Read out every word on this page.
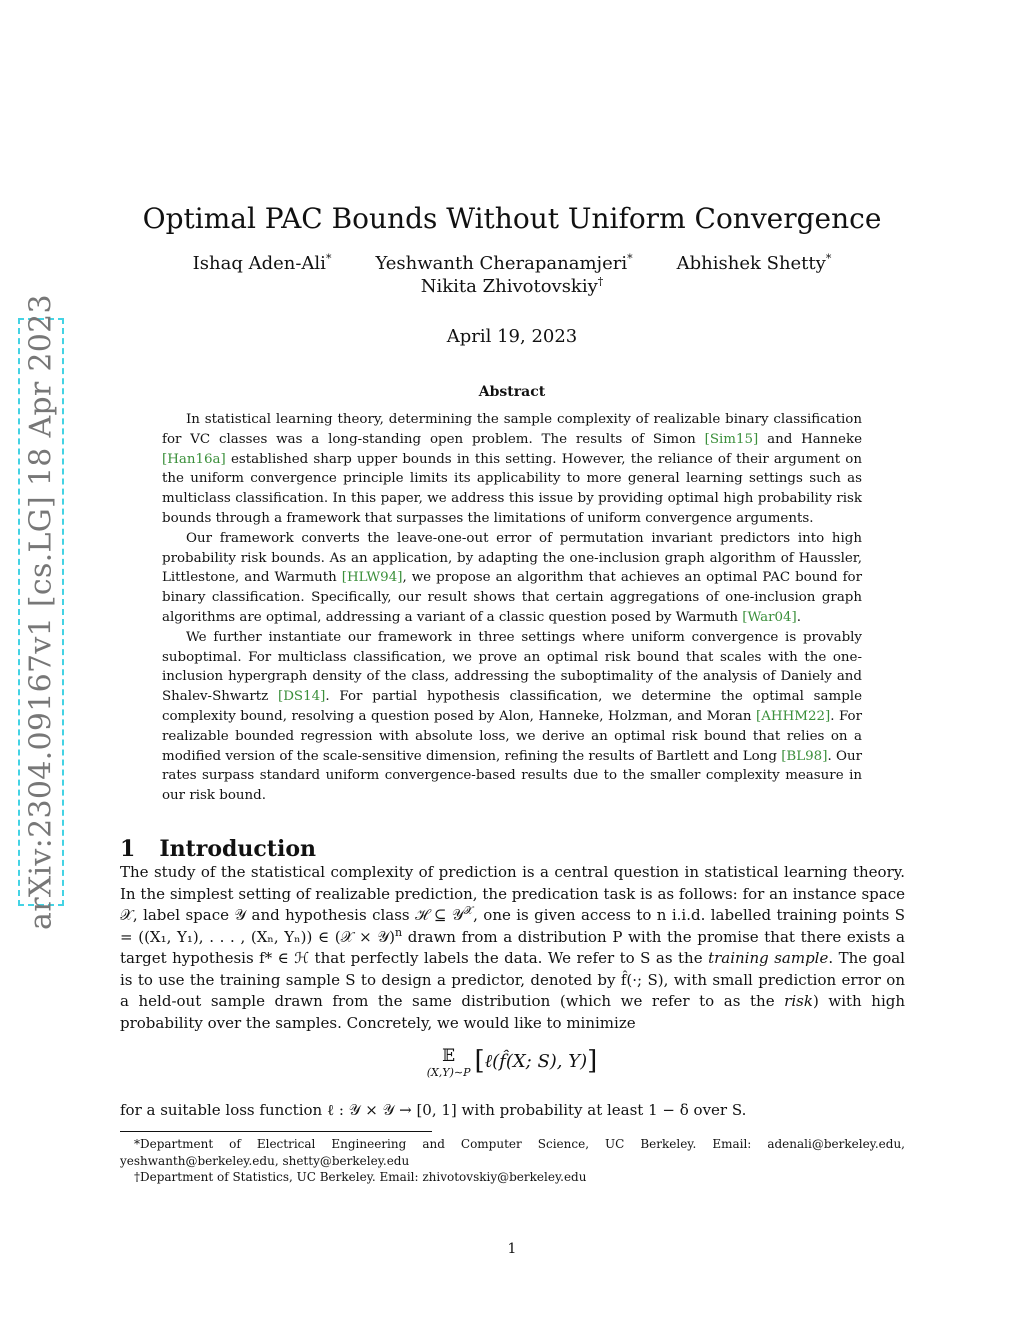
arXiv:2304.09167v1 [cs.LG] 18 Apr 2023
Optimal PAC Bounds Without Uniform Convergence
Ishaq Aden-Ali* Yeshwanth Cherapanamjeri* Abhishek Shetty*
Nikita Zhivotovskiy†
April 19, 2023
Abstract

In statistical learning theory, determining the sample complexity of realizable binary classification for VC classes was a long-standing open problem. The results of Simon [Sim15] and Hanneke [Han16a] established sharp upper bounds in this setting. However, the reliance of their argument on the uniform convergence principle limits its applicability to more general learning settings such as multiclass classification. In this paper, we address this issue by providing optimal high probability risk bounds through a framework that surpasses the limitations of uniform convergence arguments.

Our framework converts the leave-one-out error of permutation invariant predictors into high probability risk bounds. As an application, by adapting the one-inclusion graph algorithm of Haussler, Littlestone, and Warmuth [HLW94], we propose an algorithm that achieves an optimal PAC bound for binary classification. Specifically, our result shows that certain aggregations of one-inclusion graph algorithms are optimal, addressing a variant of a classic question posed by Warmuth [War04].

We further instantiate our framework in three settings where uniform convergence is provably suboptimal. For multiclass classification, we prove an optimal risk bound that scales with the one-inclusion hypergraph density of the class, addressing the suboptimality of the analysis of Daniely and Shalev-Shwartz [DS14]. For partial hypothesis classification, we determine the optimal sample complexity bound, resolving a question posed by Alon, Hanneke, Holzman, and Moran [AHHM22]. For realizable bounded regression with absolute loss, we derive an optimal risk bound that relies on a modified version of the scale-sensitive dimension, refining the results of Bartlett and Long [BL98]. Our rates surpass standard uniform convergence-based results due to the smaller complexity measure in our risk bound.

1 Introduction

The study of the statistical complexity of prediction is a central question in statistical learning theory. In the simplest setting of realizable prediction, the predication task is as follows: for an instance space 𝒳, label space 𝒴 and hypothesis class ℋ ⊆ 𝒴$^𝒳$, one is given access to n i.i.d. labelled training points S = ((X₁, Y₁), . . . , (Xₙ, Yₙ)) ∈ (𝒳 × 𝒴)$^n$ drawn from a distribution P with the promise that there exists a target hypothesis f* ∈ ℋ that perfectly labels the data. We refer to S as the training sample. The goal is to use the training sample S to design a predictor, denoted by f̂(·; S), with small prediction error on a held-out sample drawn from the same distribution (which we refer to as the risk) with high probability over the samples. Concretely, we would like to minimize

𝔼
(X,Y)∼P [ℓ(f̂(X; S), Y)]
for a suitable loss function ℓ : 𝒴 × 𝒴 → [0, 1] with probability at least 1 − δ over S.

*Department of Electrical Engineering and Computer Science, UC Berkeley. Email: adenali@berkeley.edu, yeshwanth@berkeley.edu, shetty@berkeley.edu

†Department of Statistics, UC Berkeley. Email: zhivotovskiy@berkeley.edu

1
